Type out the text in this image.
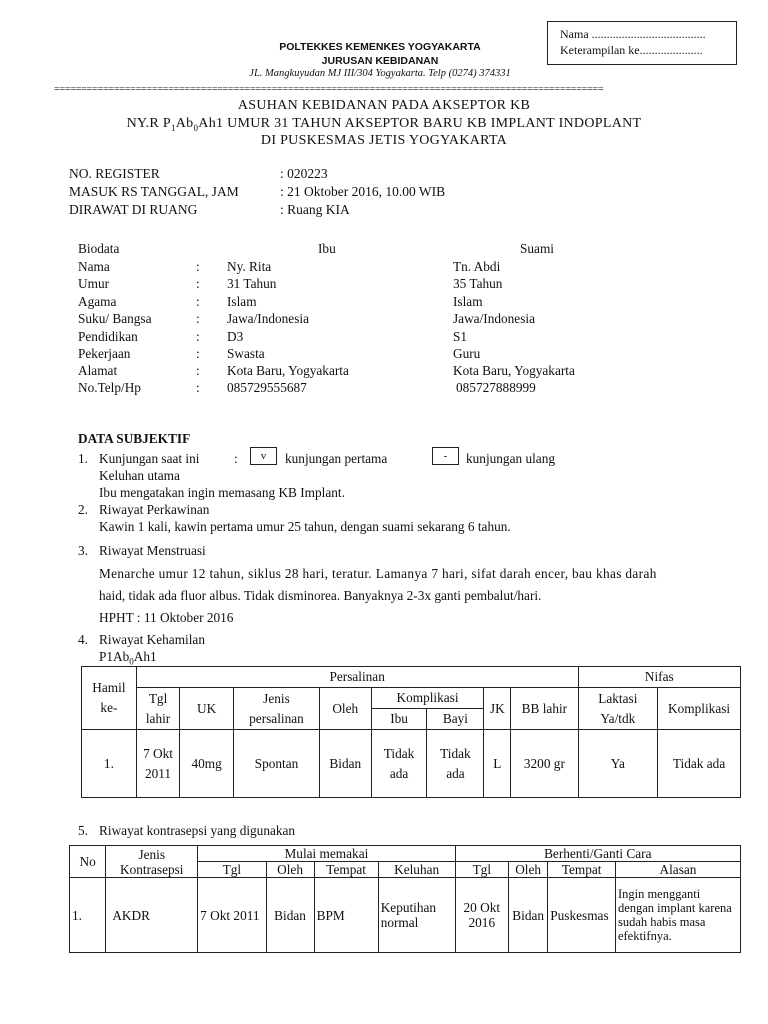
Nama ......................................
Keterampilan ke.....................
POLTEKKES KEMENKES YOGYAKARTA
JURUSAN KEBIDANAN
JL. Mangkuyudan MJ III/304 Yogyakarta. Telp (0274) 374331
=====================================================================================================
ASUHAN KEBIDANAN PADA AKSEPTOR KB
NY.R $P_1Ab_0Ah1$ UMUR 31 TAHUN AKSEPTOR BARU KB IMPLANT INDOPLANT
DI PUSKESMAS JETIS YOGYAKARTA
NO. REGISTER	: 020223
MASUK RS TANGGAL, JAM	: 21 Oktober 2016, 10.00 WIB
DIRAWAT DI RUANG	: Ruang KIA
Biodata	Ibu	Suami
Nama	: Ny. Rita	Tn. Abdi
Umur	: 31 Tahun	35 Tahun
Agama	: Islam	Islam
Suku/ Bangsa	: Jawa/Indonesia	Jawa/Indonesia
Pendidikan	: D3	S1
Pekerjaan	: Swasta	Guru
Alamat	: Kota Baru, Yogyakarta	Kota Baru, Yogyakarta
No.Telp/Hp	: 085729555687	085727888999
DATA SUBJEKTIF
1. Kunjungan saat ini	:	v	kunjungan pertama	-	kunjungan ulang
Keluhan utama
Ibu mengatakan ingin memasang KB Implant.
2. Riwayat Perkawinan
Kawin 1 kali, kawin pertama umur 25 tahun, dengan suami sekarang 6 tahun.
3. Riwayat Menstruasi
Menarche umur 12 tahun, siklus 28 hari, teratur. Lamanya 7 hari, sifat darah encer, bau khas darah
haid, tidak ada fluor albus. Tidak disminorea. Banyaknya 2-3x ganti pembalut/hari.
HPHT : 11 Oktober 2016
4. Riwayat Kehamilan
$P1Ab_0Ah1$
Hamil ke-	Persalinan								Nifas	
	Tgl lahir	UK	Jenis persalinan	Oleh	Komplikasi		JK	BB lahir	Laktasi Ya/tdk	Komplikasi
					Ibu	Bayi				
1.	7 Okt 2011	40mg	Spontan	Bidan	Tidak ada	Tidak ada	L	3200 gr	Ya	Tidak ada
5. Riwayat kontrasepsi yang digunakan
No	Jenis Kontrasepsi	Mulai memakai				Berhenti/Ganti Cara			
		Tgl	Oleh	Tempat	Keluhan	Tgl	Oleh	Tempat	Alasan
1.	AKDR	7 Okt 2011	Bidan	BPM	Keputihan normal	20 Okt 2016	Bidan	Puskesmas	Ingin mengganti dengan implant karena sudah habis masa efektifnya.
